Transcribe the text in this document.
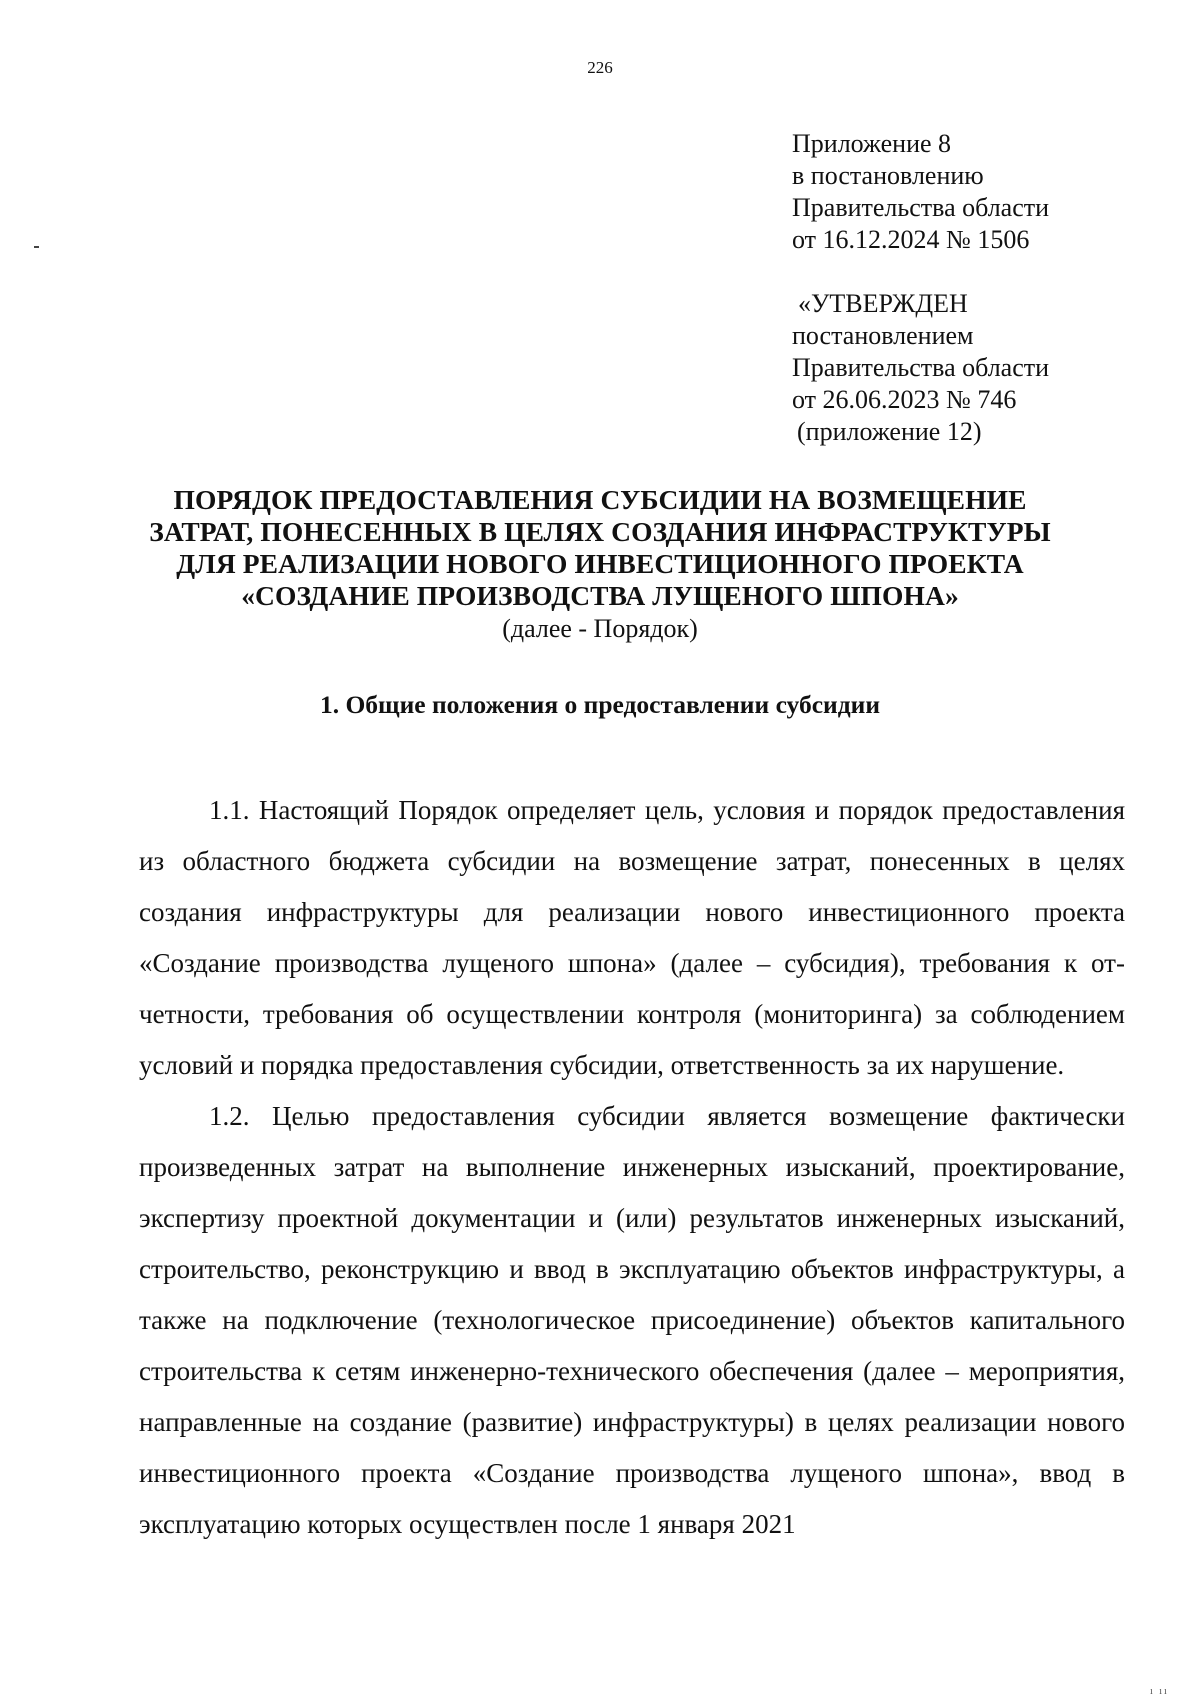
226
Приложение 8
в постановлению
Правительства области
от 16.12.2024 № 1506
«УТВЕРЖДЕН
постановлением
Правительства области
от 26.06.2023 № 746
(приложение 12)
ПОРЯДОК ПРЕДОСТАВЛЕНИЯ СУБСИДИИ НА ВОЗМЕЩЕНИЕ
ЗАТРАТ, ПОНЕСЕННЫХ В ЦЕЛЯХ СОЗДАНИЯ ИНФРАСТРУКТУРЫ
ДЛЯ РЕАЛИЗАЦИИ НОВОГО ИНВЕСТИЦИОННОГО ПРОЕКТА
«СОЗДАНИЕ ПРОИЗВОДСТВА ЛУЩЕНОГО ШПОНА»
(далее - Порядок)
1. Общие положения о предоставлении субсидии

1.1. Настоящий Порядок определяет цель, условия и порядок предоставления из областного бюджета субсидии на возмещение затрат, понесенных в целях создания инфраструктуры для реализации нового инвестиционного проекта «Создание производства лущеного шпона» (далее – субсидия), требования к отчетности, требования об осуществлении контроля (мониторинга) за соблюдением условий и порядка предоставления субсидии, ответственность за их нарушение.

1.2. Целью предоставления субсидии является возмещение фактически произведенных затрат на выполнение инженерных изысканий, проектирование, экспертизу проектной документации и (или) результатов инженерных изысканий, строительство, реконструкцию и ввод в эксплуатацию объектов инфраструктуры, а также на подключение (технологическое присоединение) объектов капитального строительства к сетям инженерно-технического обеспечения (далее – мероприятия, направленные на создание (развитие) инфраструктуры) в целях реализации нового инвестиционного проекта «Создание производства лущеного шпона», ввод в эксплуатацию которых осуществлен после 1 января 2021

ı ıı
